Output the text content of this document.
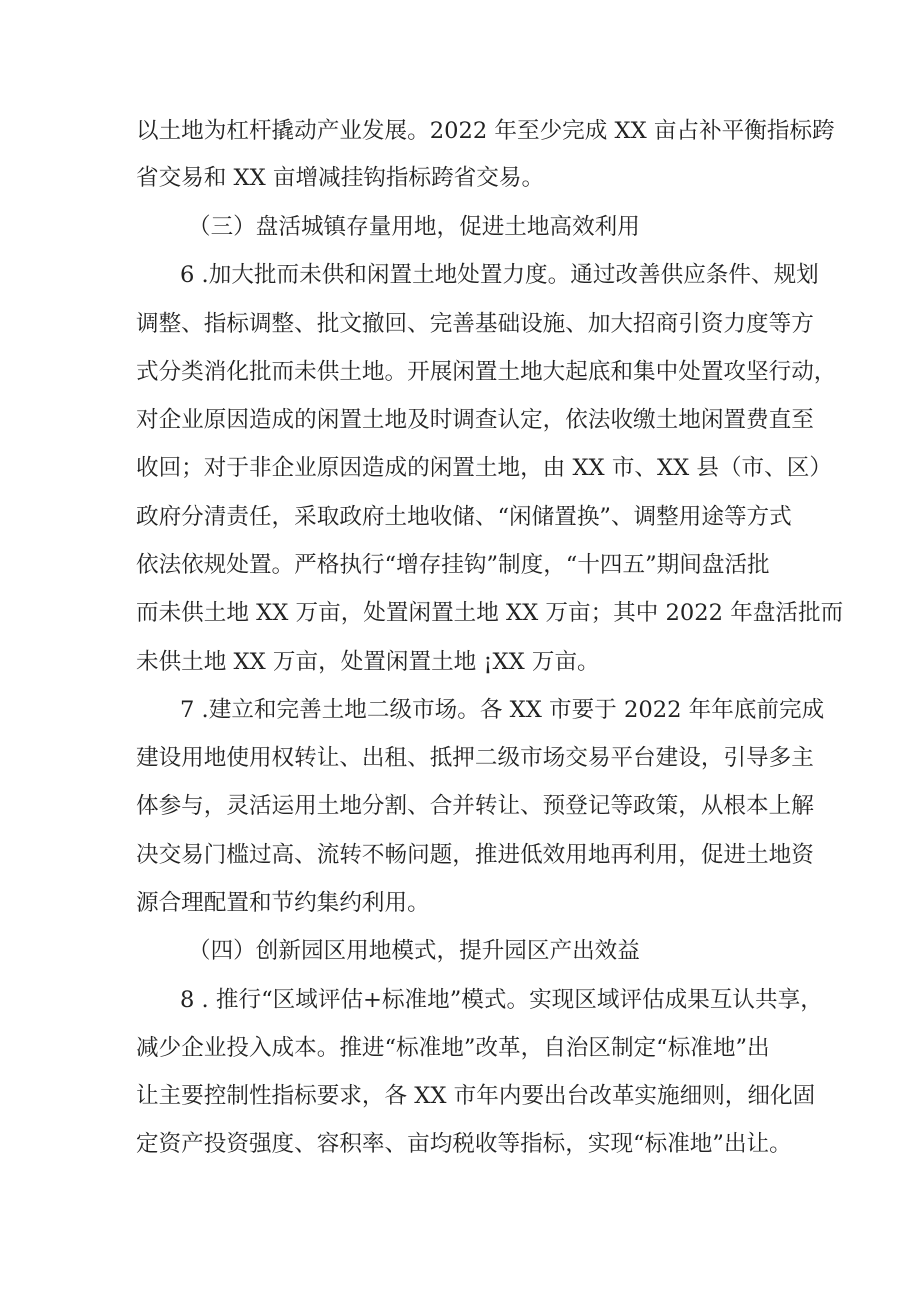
以土地为杠杆撬动产业发展。2022 年至少完成 XX 亩占补平衡指标跨
省交易和 XX 亩增减挂钩指标跨省交易。
（三）盘活城镇存量用地，促进土地高效利用
6 .加大批而未供和闲置土地处置力度。通过改善供应条件、规划
调整、指标调整、批文撤回、完善基础设施、加大招商引资力度等方
式分类消化批而未供土地。开展闲置土地大起底和集中处置攻坚行动，
对企业原因造成的闲置土地及时调查认定，依法收缴土地闲置费直至
收回；对于非企业原因造成的闲置土地，由 XX 市、XX 县（市、区）
政府分清责任，采取政府土地收储、“闲储置换”、调整用途等方式
依法依规处置。严格执行“增存挂钩”制度，“十四五”期间盘活批
而未供土地 XX 万亩，处置闲置土地 XX 万亩；其中 2022 年盘活批而
未供土地 XX 万亩，处置闲置土地 ¡XX 万亩。
7 .建立和完善土地二级市场。各 XX 市要于 2022 年年底前完成
建设用地使用权转让、出租、抵押二级市场交易平台建设，引导多主
体参与，灵活运用土地分割、合并转让、预登记等政策，从根本上解
决交易门槛过高、流转不畅问题，推进低效用地再利用，促进土地资
源合理配置和节约集约利用。
（四）创新园区用地模式，提升园区产出效益
8 . 推行“区域评估+标准地”模式。实现区域评估成果互认共享，
减少企业投入成本。推进“标准地”改革，自治区制定“标准地”出
让主要控制性指标要求，各 XX 市年内要出台改革实施细则，细化固
定资产投资强度、容积率、亩均税收等指标，实现“标准地”出让。
